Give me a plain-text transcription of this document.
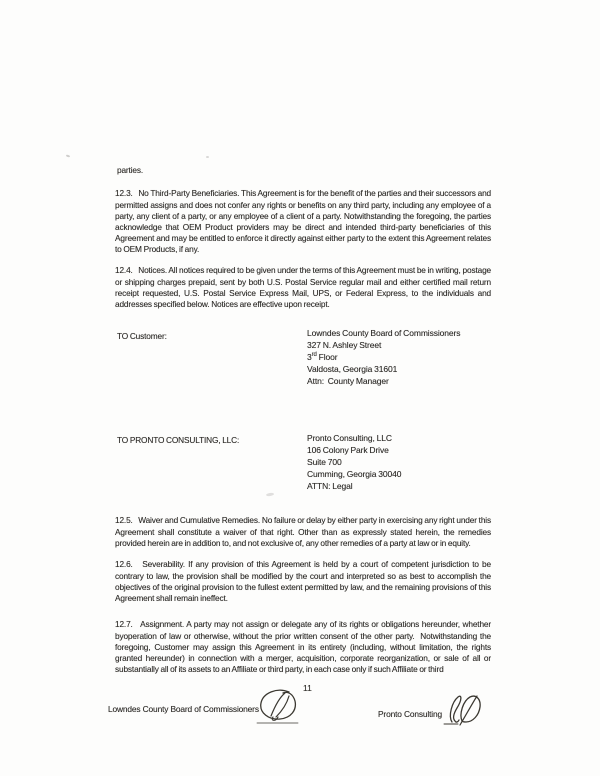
parties.

12.3.   No Third-Party Beneficiaries. This Agreement is for the benefit of the parties and their successors and permitted assigns and does not confer any rights or benefits on any third party, including any employee of a party, any client of a party, or any employee of a client of a party. Notwithstanding the foregoing, the parties acknowledge that OEM Product providers may be direct and intended third-party beneficiaries of this Agreement and may be entitled to enforce it directly against either party to the extent this Agreement relates to OEM Products, if any.

12.4.   Notices. All notices required to be given under the terms of this Agreement must be in writing, postage or shipping charges prepaid, sent by both U.S. Postal Service regular mail and either certified mail return receipt requested, U.S. Postal Service Express Mail, UPS, or Federal Express, to the individuals and addresses specified below. Notices are effective upon receipt.

TO Customer:	Lowndes County Board of Commissioners
327 N. Ashley Street
3rd Floor
Valdosta, Georgia 31601
Attn:  County Manager
TO PRONTO CONSULTING, LLC:	Pronto Consulting, LLC
106 Colony Park Drive
Suite 700
Cumming, Georgia 30040
ATTN: Legal

12.5.   Waiver and Cumulative Remedies. No failure or delay by either party in exercising any right under this Agreement shall constitute a waiver of that right. Other than as expressly stated herein, the remedies provided herein are in addition to, and not exclusive of, any other remedies of a party at law or in equity.

12.6.   Severability. If any provision of this Agreement is held by a court of competent jurisdiction to be contrary to law, the provision shall be modified by the court and interpreted so as best to accomplish the objectives of the original provision to the fullest extent permitted by law, and the remaining provisions of this Agreement shall remain ineffect.

12.7.   Assignment. A party may not assign or delegate any of its rights or obligations hereunder, whether byoperation of law or otherwise, without the prior written consent of the other party.  Notwithstanding the foregoing, Customer may assign this Agreement in its entirety (including, without limitation, the rights granted hereunder) in connection with a merger, acquisition, corporate reorganization, or sale of all or substantially all of its assets to an Affiliate or third party, in each case only if such Affiliate or third

11
Lowndes County Board of Commissioners	Pronto Consulting
